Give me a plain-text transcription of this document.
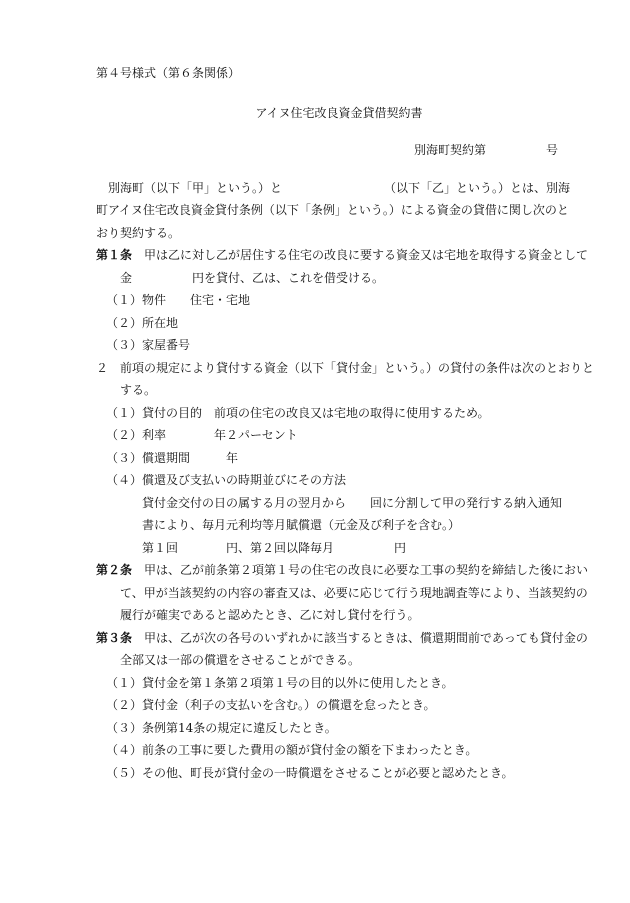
第４号様式（第６条関係）

アイヌ住宅改良資金貸借契約書

別海町契約第　　　　　号

別海町（以下「甲」という。）と　　　　　　　　　（以下「乙」という。）とは、別海町アイヌ住宅改良資金貸付条例（以下「条例」という。）による資金の貸借に関し次のとおり契約する。

第１条　甲は乙に対し乙が居住する住宅の改良に要する資金又は宅地を取得する資金として金　　　　　円を貸付、乙は、これを借受ける。

（１）物件　　住宅・宅地

（２）所在地

（３）家屋番号

２　前項の規定により貸付する資金（以下「貸付金」という。）の貸付の条件は次のとおりとする。

（１）貸付の目的　前項の住宅の改良又は宅地の取得に使用するため。

（２）利率　　　　年２パーセント

（３）償還期間　　　年

（４）償還及び支払いの時期並びにその方法

貸付金交付の日の属する月の翌月から　　回に分割して甲の発行する納入通知書により、毎月元利均等月賦償還（元金及び利子を含む。）

第１回　　　　円、第２回以降毎月　　　　　円

第２条　甲は、乙が前条第２項第１号の住宅の改良に必要な工事の契約を締結した後において、甲が当該契約の内容の審査又は、必要に応じて行う現地調査等により、当該契約の履行が確実であると認めたとき、乙に対し貸付を行う。

第３条　甲は、乙が次の各号のいずれかに該当するときは、償還期間前であっても貸付金の全部又は一部の償還をさせることができる。

（１）貸付金を第１条第２項第１号の目的以外に使用したとき。

（２）貸付金（利子の支払いを含む。）の償還を怠ったとき。

（３）条例第14条の規定に違反したとき。

（４）前条の工事に要した費用の額が貸付金の額を下まわったとき。

（５）その他、町長が貸付金の一時償還をさせることが必要と認めたとき。
